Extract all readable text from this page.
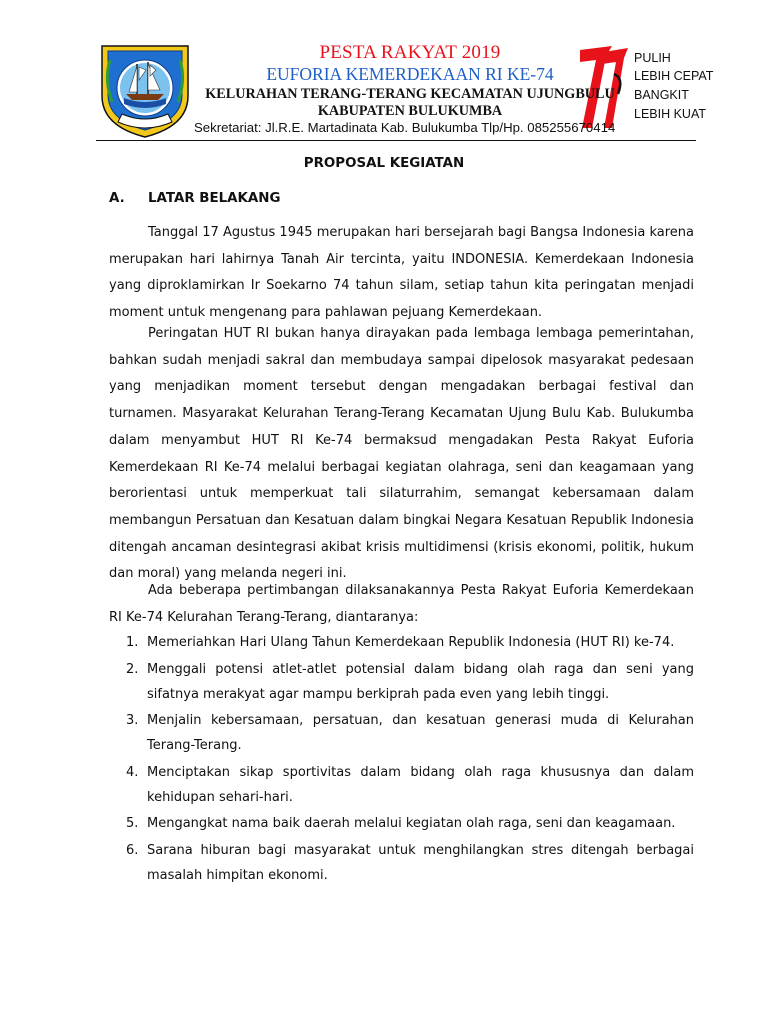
PULIH
LEBIH CEPAT
BANGKIT
LEBIH KUAT
PESTA RAKYAT 2019
EUFORIA KEMERDEKAAN RI KE-74
KELURAHAN TERANG-TERANG KECAMATAN UJUNGBULU
KABUPATEN BULUKUMBA
Sekretariat: Jl.R.E. Martadinata Kab. Bulukumba Tlp/Hp. 085255670414
PROPOSAL KEGIATAN
A. LATAR BELAKANG

Tanggal 17 Agustus 1945 merupakan hari bersejarah bagi Bangsa Indonesia karena merupakan hari lahirnya Tanah Air tercinta, yaitu INDONESIA. Kemerdekaan Indonesia yang diproklamirkan Ir Soekarno 74 tahun silam, setiap tahun kita peringatan menjadi moment untuk mengenang para pahlawan pejuang Kemerdekaan.

Peringatan HUT RI bukan hanya dirayakan pada lembaga lembaga pemerintahan, bahkan sudah menjadi sakral dan membudaya sampai dipelosok masyarakat pedesaan yang menjadikan moment tersebut dengan mengadakan berbagai festival dan turnamen. Masyarakat Kelurahan Terang-Terang Kecamatan Ujung Bulu Kab. Bulukumba dalam menyambut HUT RI Ke-74 bermaksud mengadakan Pesta Rakyat Euforia Kemerdekaan RI Ke-74 melalui berbagai kegiatan olahraga, seni dan keagamaan yang berorientasi untuk memperkuat tali silaturrahim, semangat kebersamaan dalam membangun Persatuan dan Kesatuan dalam bingkai Negara Kesatuan Republik Indonesia ditengah ancaman desintegrasi akibat krisis multidimensi (krisis ekonomi, politik, hukum dan moral) yang melanda negeri ini.

Ada beberapa pertimbangan dilaksanakannya Pesta Rakyat Euforia Kemerdekaan RI Ke-74 Kelurahan Terang-Terang, diantaranya:

1. Memeriahkan Hari Ulang Tahun Kemerdekaan Republik Indonesia (HUT RI) ke-74.
2. Menggali potensi atlet-atlet potensial dalam bidang olah raga dan seni yang sifatnya merakyat agar mampu berkiprah pada even yang lebih tinggi.
3. Menjalin kebersamaan, persatuan, dan kesatuan generasi muda di Kelurahan Terang-Terang.
4. Menciptakan sikap sportivitas dalam bidang olah raga khususnya dan dalam kehidupan sehari-hari.
5. Mengangkat nama baik daerah melalui kegiatan olah raga, seni dan keagamaan.
6. Sarana hiburan bagi masyarakat untuk menghilangkan stres ditengah berbagai masalah himpitan ekonomi.
